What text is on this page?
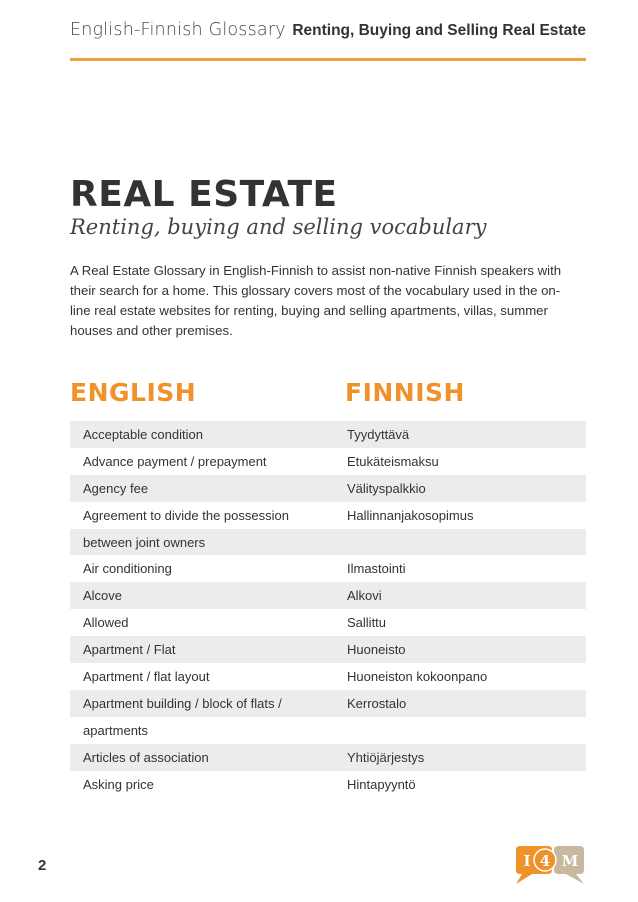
English-Finnish Glossary Renting, Buying and Selling Real Estate
REAL ESTATE
Renting, buying and selling vocabulary
A Real Estate Glossary in English-Finnish to assist non-native Finnish speakers with their search for a home. This glossary covers most of the vocabulary used in the on-line real estate websites for renting, buying and selling apartments, villas, summer houses and other premises.
ENGLISH	FINNISH
Acceptable condition	Tyydyttävä
Advance payment / prepayment	Etukäteismaksu
Agency fee	Välityspalkkio
Agreement to divide the possession	Hallinnanjakosopimus
between joint owners
Air conditioning	Ilmastointi
Alcove	Alkovi
Allowed	Sallittu
Apartment / Flat	Huoneisto
Apartment / flat layout	Huoneiston kokoonpano
Apartment building / block of flats /	Kerrostalo
apartments
Articles of association	Yhtiöjärjestys
Asking price	Hintapyyntö
2	I 4 M
